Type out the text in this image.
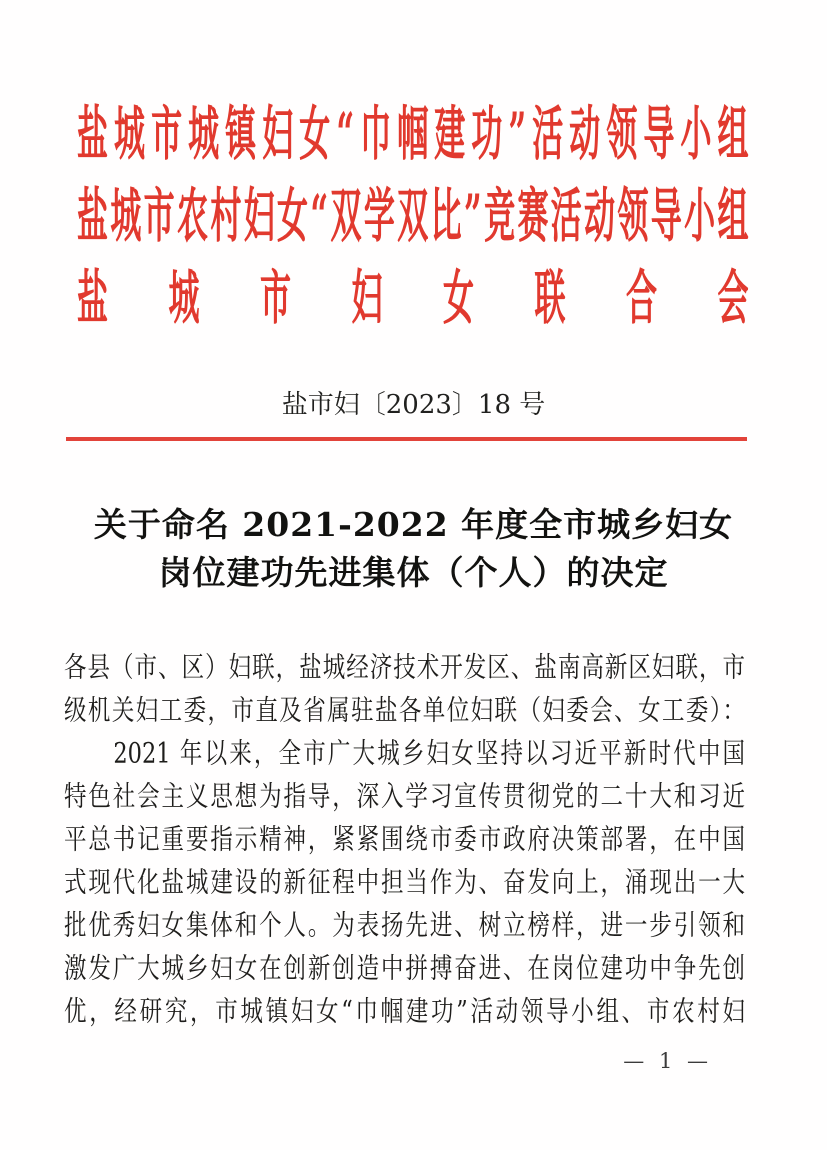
盐城市城镇妇女“巾帼建功”活动领导小组
盐城市农村妇女“双学双比”竞赛活动领导小组
盐城市妇女联合会
盐市妇〔2023〕18 号
关于命名 2021-2022 年度全市城乡妇女
岗位建功先进集体（个人）的决定
各县（市、区）妇联，盐城经济技术开发区、盐南高新区妇联，市
级机关妇工委，市直及省属驻盐各单位妇联（妇委会、女工委）：
　　2021 年以来，全市广大城乡妇女坚持以习近平新时代中国
特色社会主义思想为指导，深入学习宣传贯彻党的二十大和习近
平总书记重要指示精神，紧紧围绕市委市政府决策部署，在中国
式现代化盐城建设的新征程中担当作为、奋发向上，涌现出一大
批优秀妇女集体和个人。为表扬先进、树立榜样，进一步引领和
激发广大城乡妇女在创新创造中拼搏奋进、在岗位建功中争先创
优，经研究，市城镇妇女“巾帼建功”活动领导小组、市农村妇
— 1 —
